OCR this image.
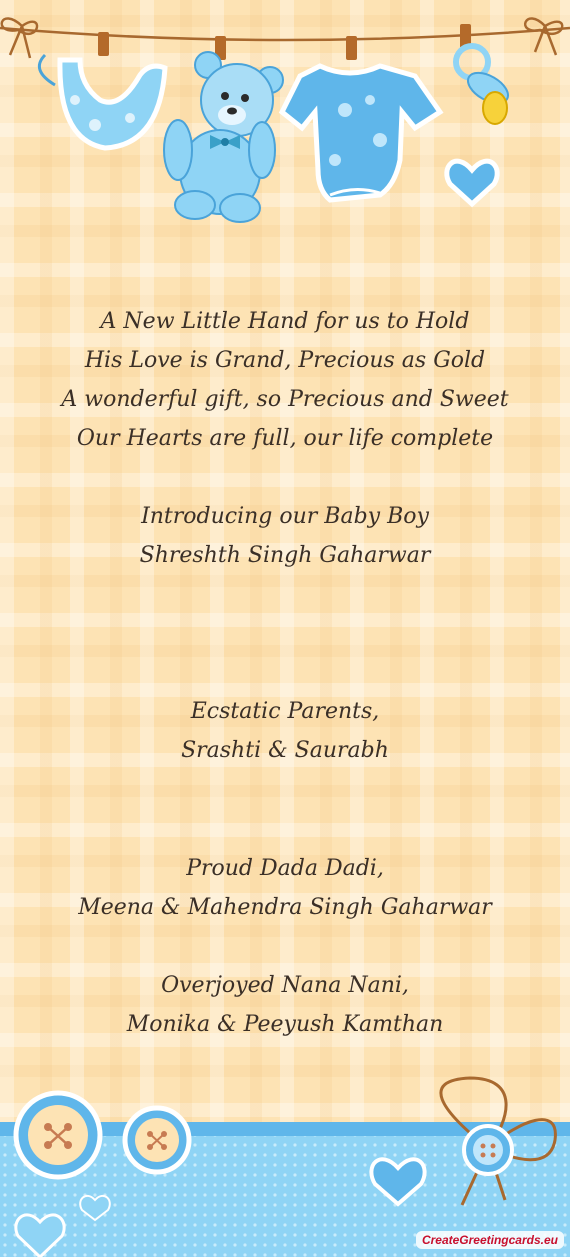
A New Little Hand for us to Hold
His Love is Grand, Precious as Gold
A wonderful gift, so Precious and Sweet
Our Hearts are full, our life complete
Introducing our Baby Boy
Shreshth Singh Gaharwar
Ecstatic Parents,
Srashti & Saurabh
Proud Dada Dadi,
Meena & Mahendra Singh Gaharwar
Overjoyed Nana Nani,
Monika & Peeyush Kamthan
CreateGreetingcards.eu
